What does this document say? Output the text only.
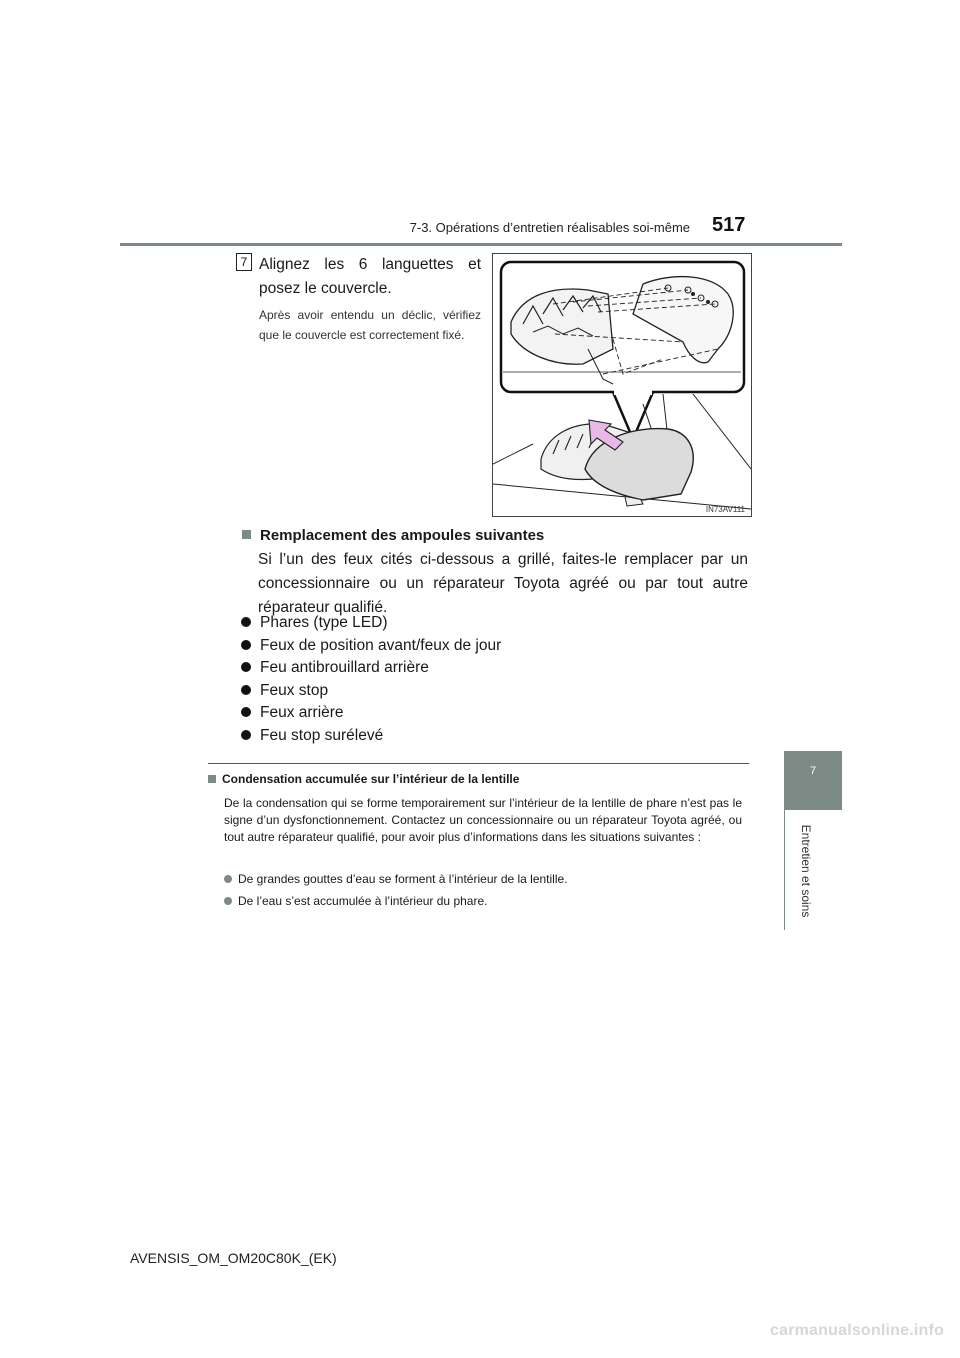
7-3. Opérations d’entretien réalisables soi-même 517
7
Entretien et soins
7 Alignez les 6 languettes et posez le couvercle.
Après avoir entendu un déclic, vérifiez que le couvercle est correctement fixé.
IN73AV111
Remplacement des ampoules suivantes
Si l’un des feux cités ci-dessous a grillé, faites-le remplacer par un concessionnaire ou un réparateur Toyota agréé ou par tout autre réparateur qualifié.
Phares (type LED)
Feux de position avant/feux de jour
Feu antibrouillard arrière
Feux stop
Feux arrière
Feu stop surélevé
Condensation accumulée sur l’intérieur de la lentille
De la condensation qui se forme temporairement sur l’intérieur de la lentille de phare n’est pas le signe d’un dysfonctionnement. Contactez un concessionnaire ou un réparateur Toyota agréé, ou tout autre réparateur qualifié, pour avoir plus d’informations dans les situations suivantes :
De grandes gouttes d’eau se forment à l’intérieur de la lentille.
De l’eau s’est accumulée à l’intérieur du phare.
AVENSIS_OM_OM20C80K_(EK)
carmanualsonline.info
